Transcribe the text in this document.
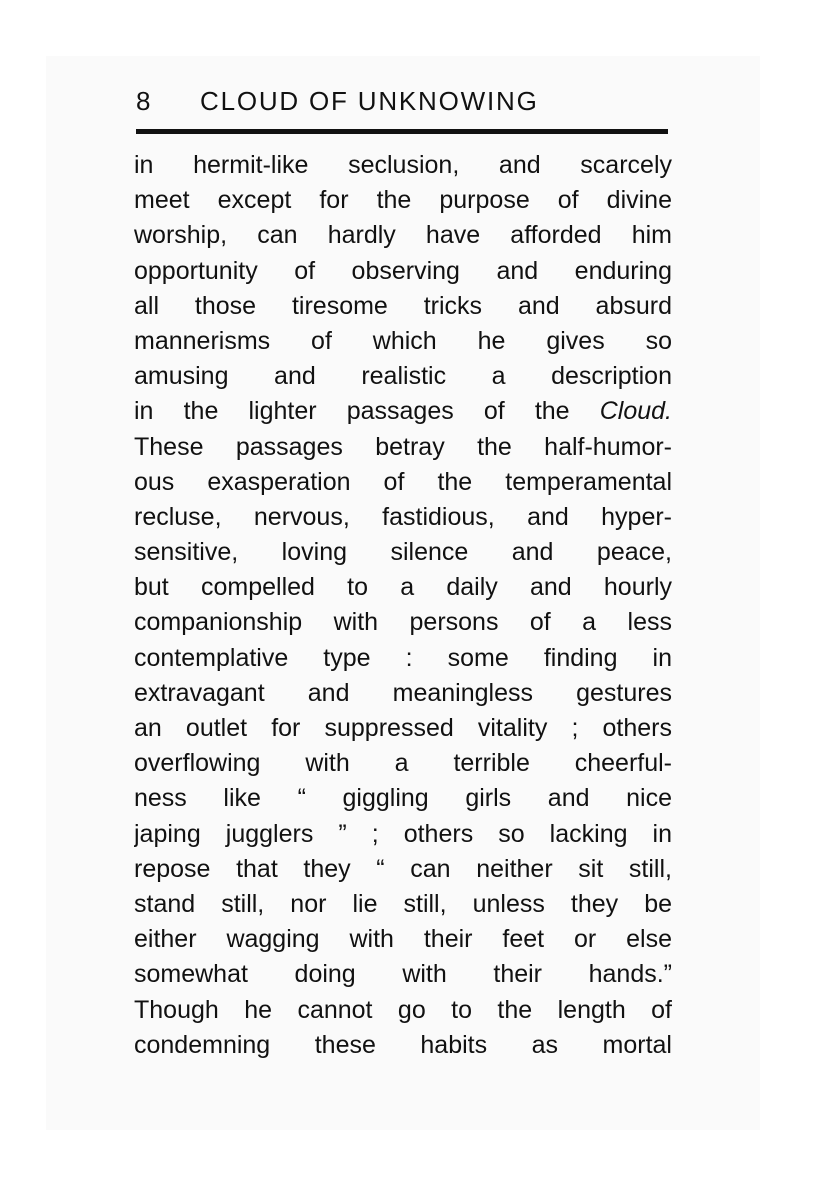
8 CLOUD OF UNKNOWING
in hermit-like seclusion, and scarcely
meet except for the purpose of divine
worship, can hardly have afforded him
opportunity of observing and enduring
all those tiresome tricks and absurd
mannerisms of which he gives so
amusing and realistic a description
in the lighter passages of the Cloud.
These passages betray the half-humor-
ous exasperation of the temperamental
recluse, nervous, fastidious, and hyper-
sensitive, loving silence and peace,
but compelled to a daily and hourly
companionship with persons of a less
contemplative type : some finding in
extravagant and meaningless gestures
an outlet for suppressed vitality ; others
overflowing with a terrible cheerful-
ness like “ giggling girls and nice
japing jugglers ” ; others so lacking in
repose that they “ can neither sit still,
stand still, nor lie still, unless they be
either wagging with their feet or else
somewhat doing with their hands.”
Though he cannot go to the length of
condemning these habits as mortal
